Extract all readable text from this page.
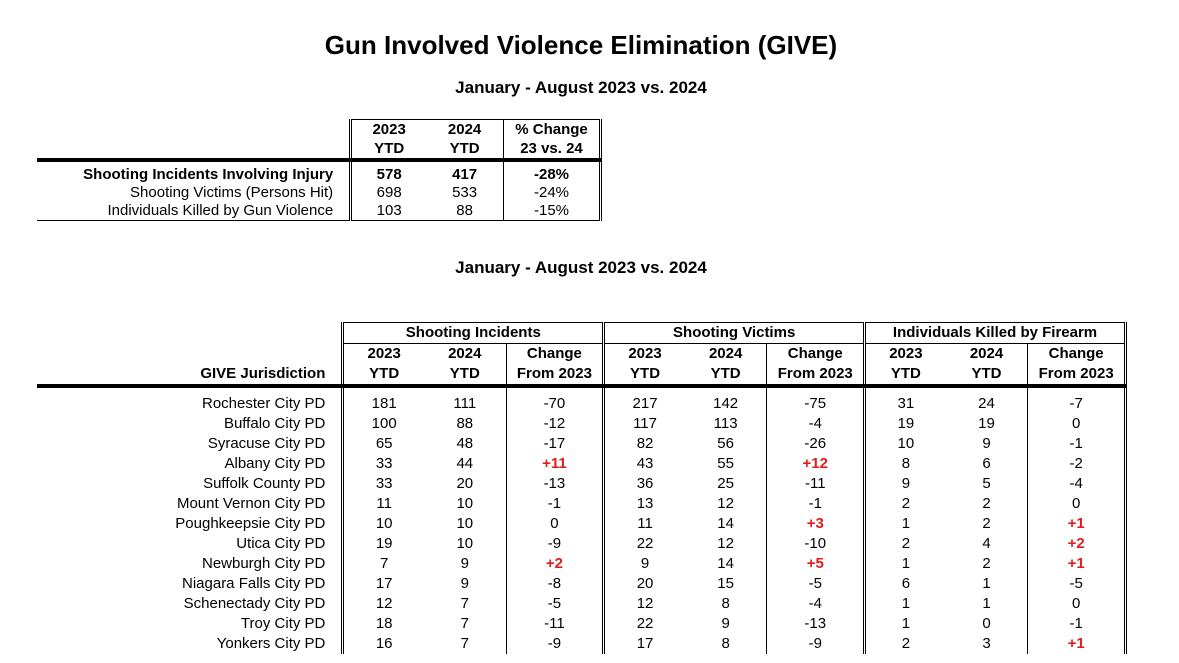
Gun Involved Violence Elimination (GIVE)
January - August 2023 vs. 2024
	2023	2024	% Change
	YTD	YTD	23 vs. 24

Shooting Incidents Involving Injury	578	417	-28%
Shooting Victims (Persons Hit)	698	533	-24%
Individuals Killed by Gun Violence	103	88	-15%
January - August 2023 vs. 2024
	Shooting Incidents			Shooting Victims			Individuals Killed by Firearm		
	2023	2024	Change	2023	2024	Change	2023	2024	Change
GIVE Jurisdiction	YTD	YTD	From 2023	YTD	YTD	From 2023	YTD	YTD	From 2023

Rochester City PD	181	111	-70	217	142	-75	31	24	-7
Buffalo City PD	100	88	-12	117	113	-4	19	19	0
Syracuse City PD	65	48	-17	82	56	-26	10	9	-1
Albany City PD	33	44	+11	43	55	+12	8	6	-2
Suffolk County PD	33	20	-13	36	25	-11	9	5	-4
Mount Vernon City PD	11	10	-1	13	12	-1	2	2	0
Poughkeepsie City PD	10	10	0	11	14	+3	1	2	+1
Utica City PD	19	10	-9	22	12	-10	2	4	+2
Newburgh City PD	7	9	+2	9	14	+5	1	2	+1
Niagara Falls City PD	17	9	-8	20	15	-5	6	1	-5
Schenectady City PD	12	7	-5	12	8	-4	1	1	0
Troy City PD	18	7	-11	22	9	-13	1	0	-1
Yonkers City PD	16	7	-9	17	8	-9	2	3	+1
